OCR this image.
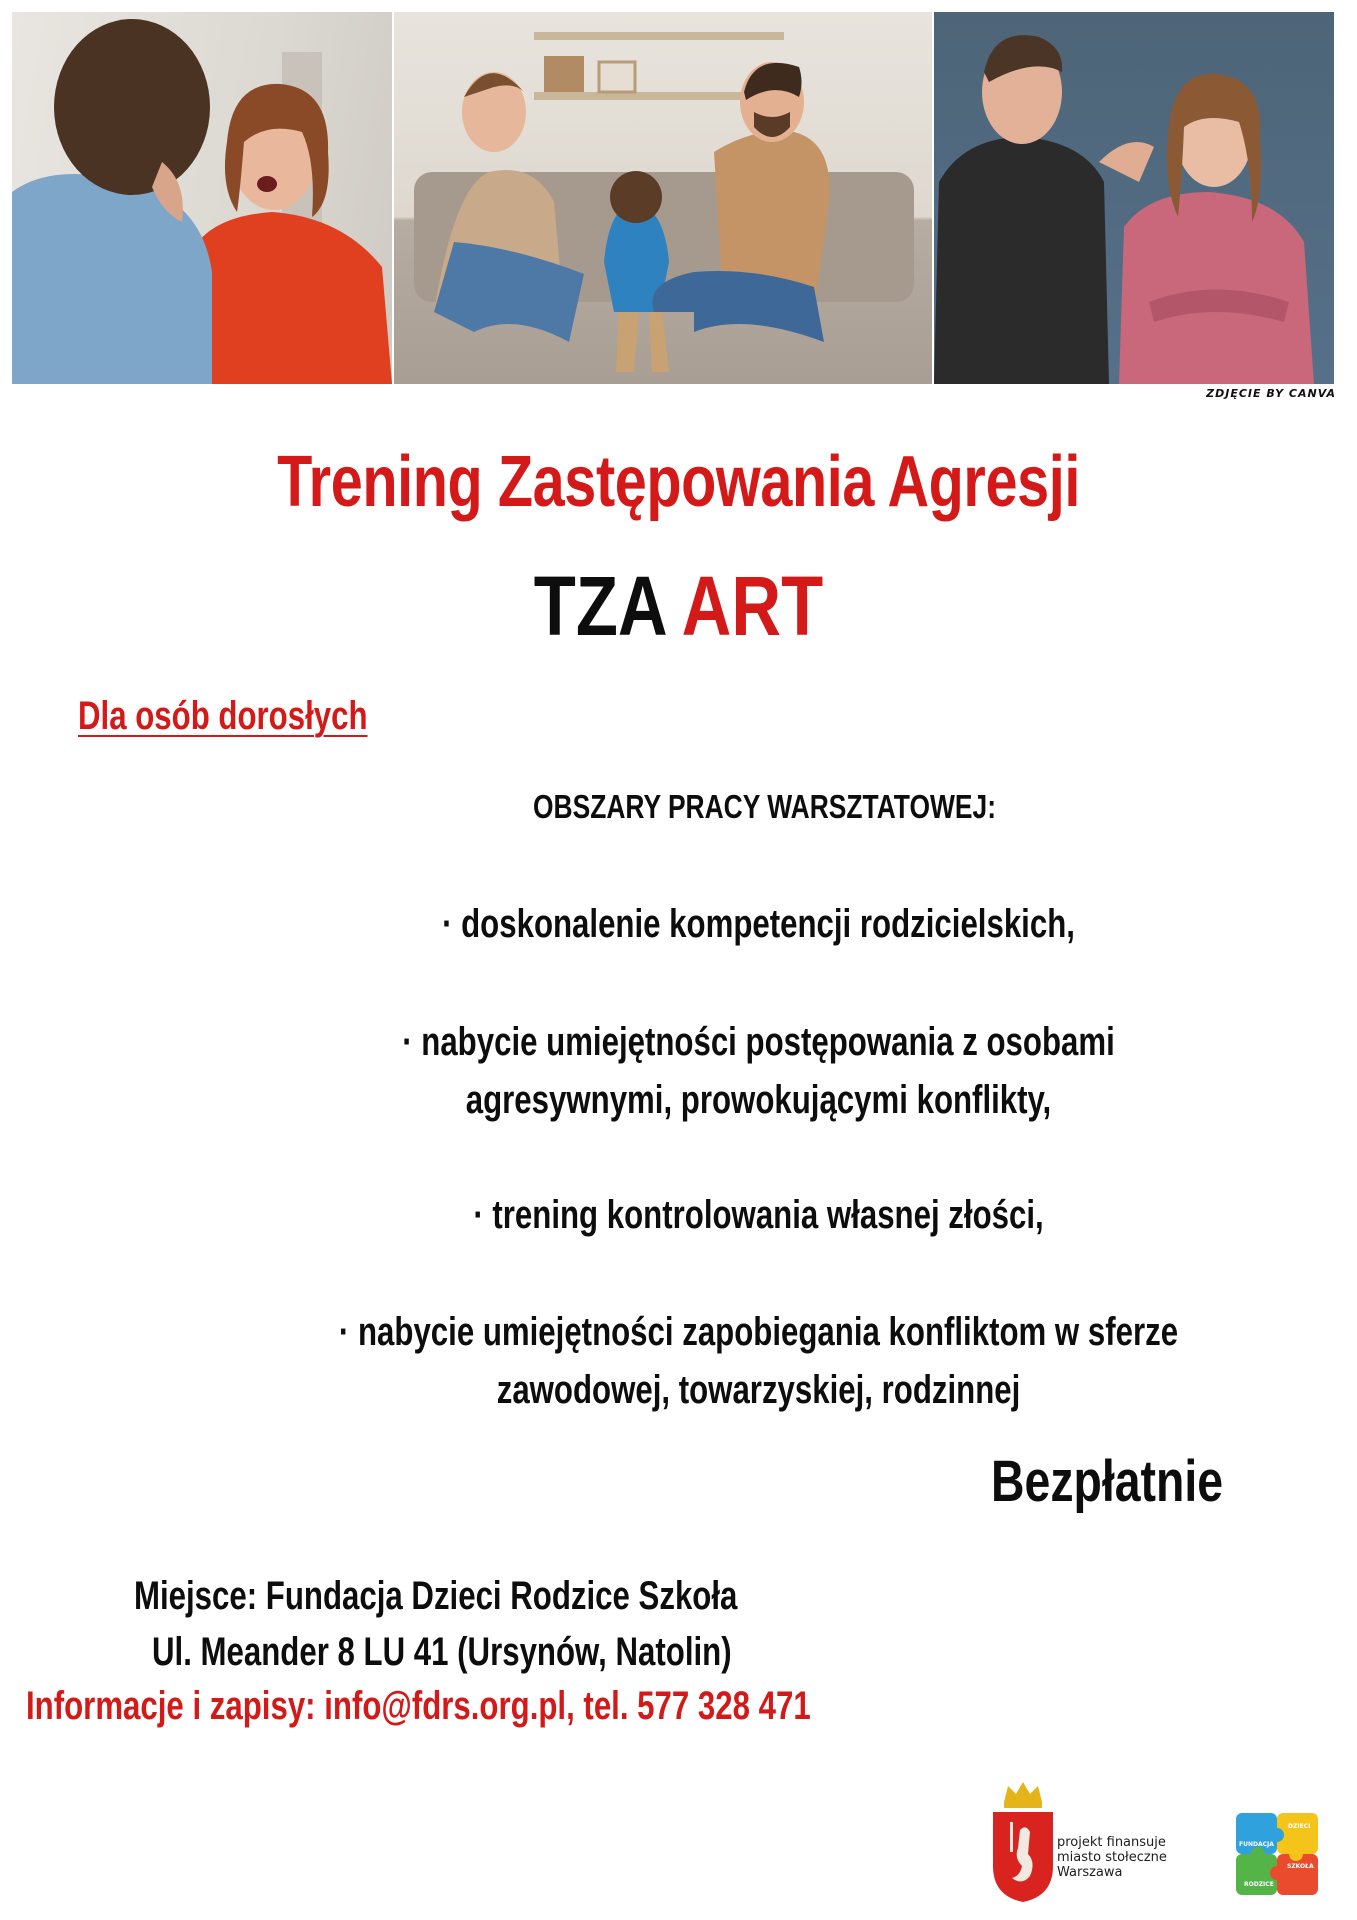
ZDJĘCIE BY CANVA
Trening Zastępowania Agresji
TZA ART
Dla osób dorosłych
OBSZARY PRACY WARSZTATOWEJ:
· doskonalenie kompetencji rodzicielskich,
· nabycie umiejętności postępowania z osobami
agresywnymi, prowokującymi konflikty,
· trening kontrolowania własnej złości,
· nabycie umiejętności zapobiegania konfliktom w sferze
zawodowej, towarzyskiej, rodzinnej
Bezpłatnie
Miejsce: Fundacja Dzieci Rodzice Szkoła
Ul. Meander 8 LU 41 (Ursynów, Natolin)
Informacje i zapisy: info@fdrs.org.pl, tel. 577 328 471
projekt finansuje
miasto stołeczne
Warszawa
DZIECI
FUNDACJA
SZKOŁA
RODZICE
